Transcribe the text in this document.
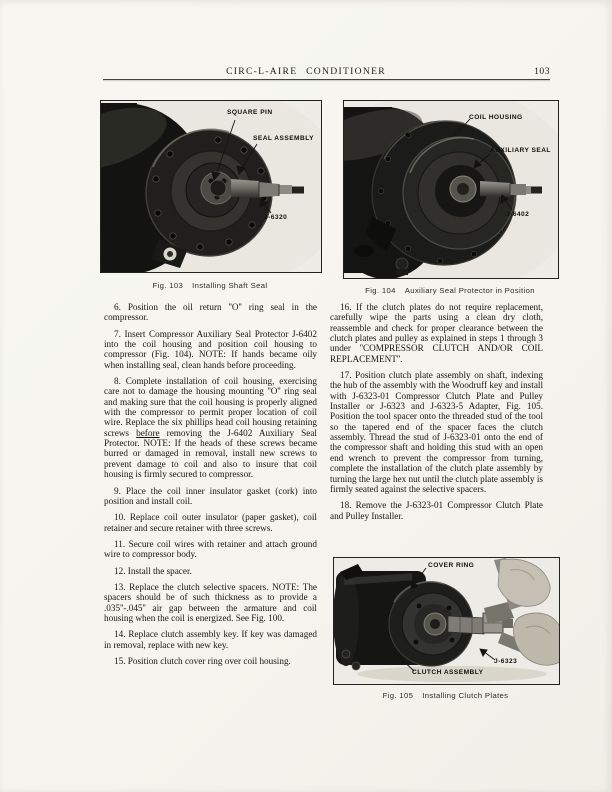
CIRC-L-AIRE CONDITIONER	103
SQUARE PIN
SEAL ASSEMBLY
J-6320
Fig. 103 Installing Shaft Seal
COIL HOUSING
AUXILIARY SEAL
J-6402
Fig. 104 Auxiliary Seal Protector in Position

6. Position the oil return ''O'' ring seal in the compressor.

7. Insert Compressor Auxiliary Seal Protector J-6402 into the coil housing and position coil housing to compressor (Fig. 104). NOTE: If hands became oily when installing seal, clean hands before proceeding.

8. Complete installation of coil housing, exercising care not to damage the housing mounting ''O'' ring seal and making sure that the coil housing is properly aligned with the compressor to permit proper location of coil wire. Replace the six phillips head coil housing retaining screws before removing the J-6402 Auxiliary Seal Protector. NOTE: If the heads of these screws became burred or damaged in removal, install new screws to prevent damage to coil and also to insure that coil housing is firmly secured to compressor.

9. Place the coil inner insulator gasket (cork) into position and install coil.

10. Replace coil outer insulator (paper gasket), coil retainer and secure retainer with three screws.

11. Secure coil wires with retainer and attach ground wire to compressor body.

12. Install the spacer.

13. Replace the clutch selective spacers. NOTE: The spacers should be of such thickness as to provide a .035''-.045'' air gap between the armature and coil housing when the coil is energized. See Fig. 100.

14. Replace clutch assembly key. If key was damaged in removal, replace with new key.

15. Position clutch cover ring over coil housing.

16. If the clutch plates do not require replacement, carefully wipe the parts using a clean dry cloth, reassemble and check for proper clearance between the clutch plates and pulley as explained in steps 1 through 3 under ''COMPRESSOR CLUTCH AND/OR COIL REPLACEMENT''.

17. Position clutch plate assembly on shaft, indexing the hub of the assembly with the Woodruff key and install with J-6323-01 Compressor Clutch Plate and Pulley Installer or J-6323 and J-6323-5 Adapter, Fig. 105. Position the tool spacer onto the threaded stud of the tool so the tapered end of the spacer faces the clutch assembly. Thread the stud of J-6323-01 onto the end of the compressor shaft and holding this stud with an open end wrench to prevent the compressor from turning, complete the installation of the clutch plate assembly by turning the large hex nut until the clutch plate assembly is firmly seated against the selective spacers.

18. Remove the J-6323-01 Compressor Clutch Plate and Pulley Installer.

COVER RING
J-6323
CLUTCH ASSEMBLY
Fig. 105 Installing Clutch Plates
